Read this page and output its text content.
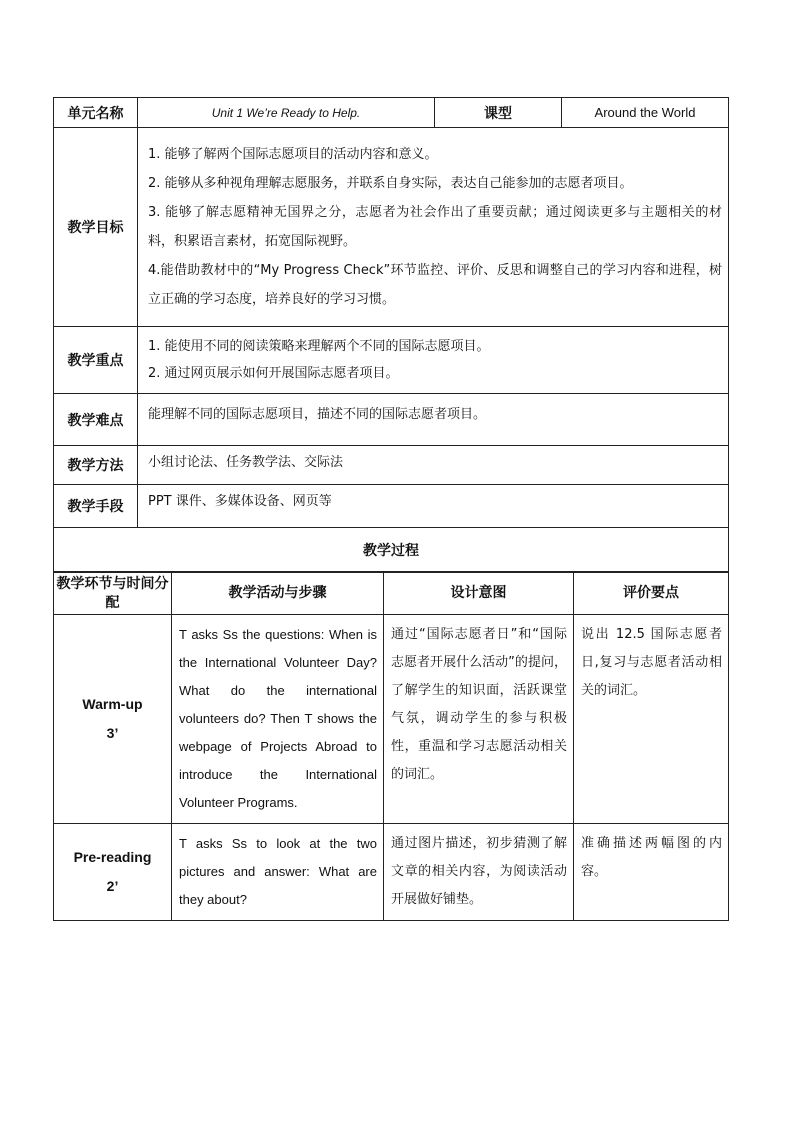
单元名称	Unit 1 We’re Ready to Help.	课型	Around the World
教学目标	1. 能够了解两个国际志愿项目的活动内容和意义。

2. 能够从多种视角理解志愿服务，并联系自身实际，表达自己能参加的志愿者项目。

3. 能够了解志愿精神无国界之分，志愿者为社会作出了重要贡献；通过阅读更多与主题相关的材料，积累语言素材，拓宽国际视野。

4.能借助教材中的“My Progress Check”环节监控、评价、反思和调整自己的学习内容和进程，树立正确的学习态度，培养良好的学习习惯。		

教学重点	1. 能使用不同的阅读策略来理解两个不同的国际志愿项目。

2. 通过网页展示如何开展国际志愿者项目。		

教学难点	能理解不同的国际志愿项目，描述不同的国际志愿者项目。		
教学方法	小组讨论法、任务教学法、交际法		
教学手段	PPT 课件、多媒体设备、网页等		
教学过程			
教学环节与时间分配	教学活动与步骤	设计意图	评价要点

Warm-up

3’	T asks Ss the questions: When is the International Volunteer Day? What do the international volunteers do? Then T shows the webpage of Projects Abroad to introduce the International Volunteer Programs.	通过“国际志愿者日”和“国际志愿者开展什么活动”的提问，了解学生的知识面，活跃课堂气氛，调动学生的参与积极性，重温和学习志愿活动相关的词汇。	说出 12.5 国际志愿者日,复习与志愿者活动相关的词汇。

Pre-reading

2’	T asks Ss to look at the two pictures and answer: What are they about?	通过图片描述，初步猜测了解文章的相关内容，为阅读活动开展做好铺垫。	准确描述两幅图的内容。
